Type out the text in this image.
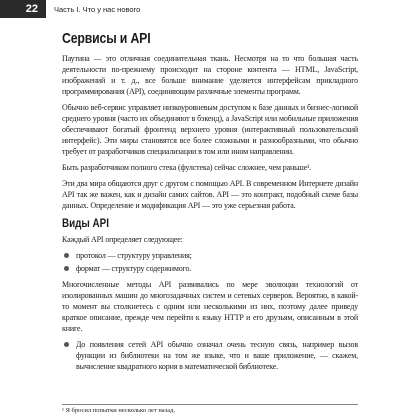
22	Часть I. Что у нас нового
Сервисы и API

Паутина — это отличная соединительная ткань. Несмотря на то что большая часть деятельности по-прежнему происходит на стороне контента — HTML, JavaScript, изображений и т. д., все больше внимание уделяется интерфейсам прикладного программирования (API), соединяющим различные элементы программ.

Обычно веб-сервис управляет низкоуровневым доступом к базе данных и бизнес-логикой среднего уровня (часто их объединяют в бэкенд), а JavaScript или мобильные приложения обеспечивают богатый фронтенд верхнего уровня (интерактивный пользовательский интерфейс). Эти миры становятся все более сложными и разнообразными, что обычно требует от разработчиков специализации в том или ином направлении.

Быть разработчиком полного стека (фулстека) сейчас сложнее, чем раньше¹.

Эти два мира общаются друг с другом с помощью API. В современном Интернете дизайн API так же важен, как и дизайн самих сайтов. API — это контракт, подобный схеме базы данных. Определение и модификация API — это уже серьезная работа.

Виды API

Каждый API определяет следующее:

протокол — структуру управления;
формат — структуру содержимого.

Многочисленные методы API развивались по мере эволюции технологий от изолированных машин до многозадачных систем и сетевых серверов. Вероятно, в какой-то момент вы столкнетесь с одним или несколькими из них, поэтому далее приведу краткое описание, прежде чем перейти к языку HTTP и его друзьям, описанным в этой книге.

До появления сетей API обычно означал очень тесную связь, например вызов функции из библиотеки на том же языке, что и ваше приложение, — скажем, вычисление квадратного корня в математической библиотеке.
¹ Я бросил попытки несколько лет назад.
